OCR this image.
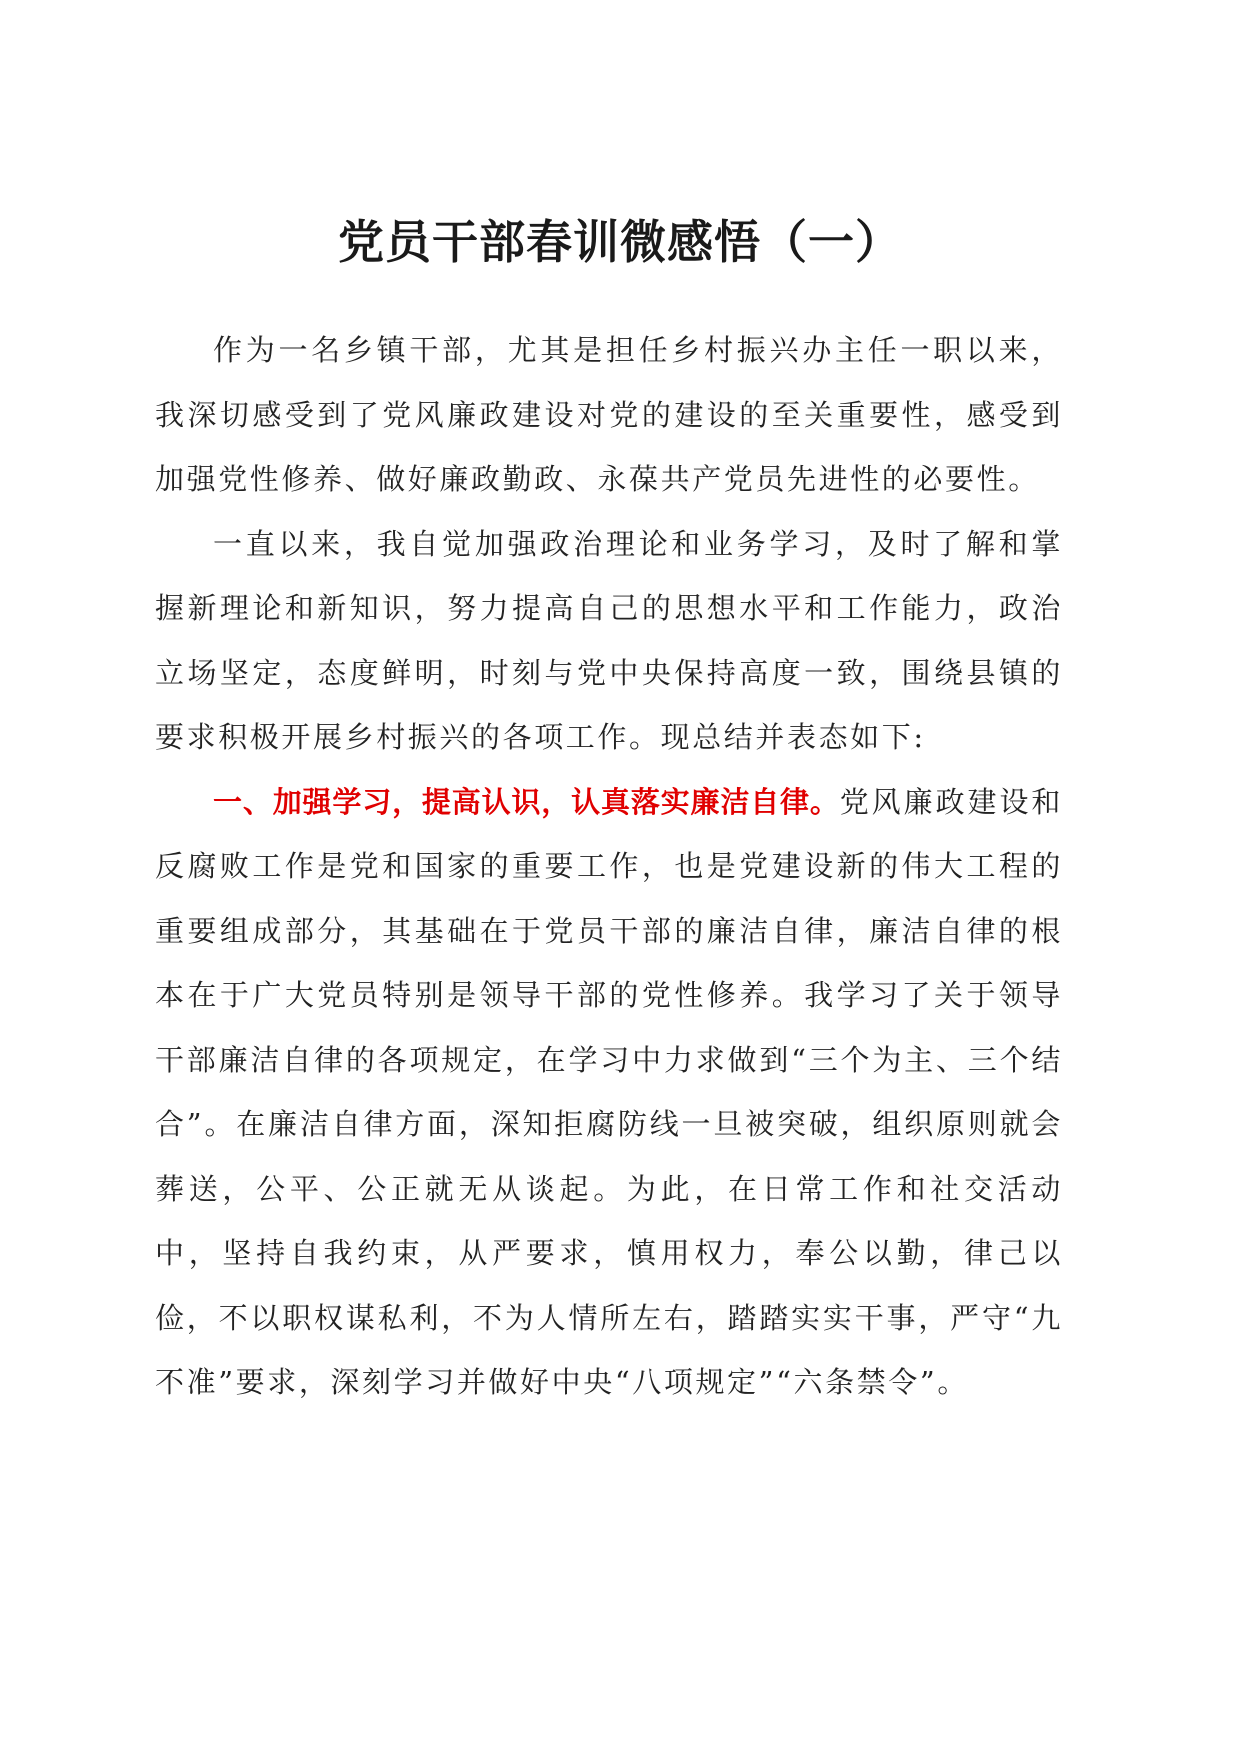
党员干部春训微感悟（一）

作为一名乡镇干部，尤其是担任乡村振兴办主任一职以来，我深切感受到了党风廉政建设对党的建设的至关重要性，感受到加强党性修养、做好廉政勤政、永葆共产党员先进性的必要性。

一直以来，我自觉加强政治理论和业务学习，及时了解和掌握新理论和新知识，努力提高自己的思想水平和工作能力，政治立场坚定，态度鲜明，时刻与党中央保持高度一致，围绕县镇的要求积极开展乡村振兴的各项工作。现总结并表态如下:

一、加强学习，提高认识，认真落实廉洁自律。党风廉政建设和反腐败工作是党和国家的重要工作，也是党建设新的伟大工程的重要组成部分，其基础在于党员干部的廉洁自律，廉洁自律的根本在于广大党员特别是领导干部的党性修养。我学习了关于领导干部廉洁自律的各项规定，在学习中力求做到“三个为主、三个结合”。在廉洁自律方面，深知拒腐防线一旦被突破，组织原则就会葬送，公平、公正就无从谈起。为此，在日常工作和社交活动中，坚持自我约束，从严要求，慎用权力，奉公以勤，律己以俭，不以职权谋私利，不为人情所左右，踏踏实实干事，严守“九不准”要求，深刻学习并做好中央“八项规定”“六条禁令”。
